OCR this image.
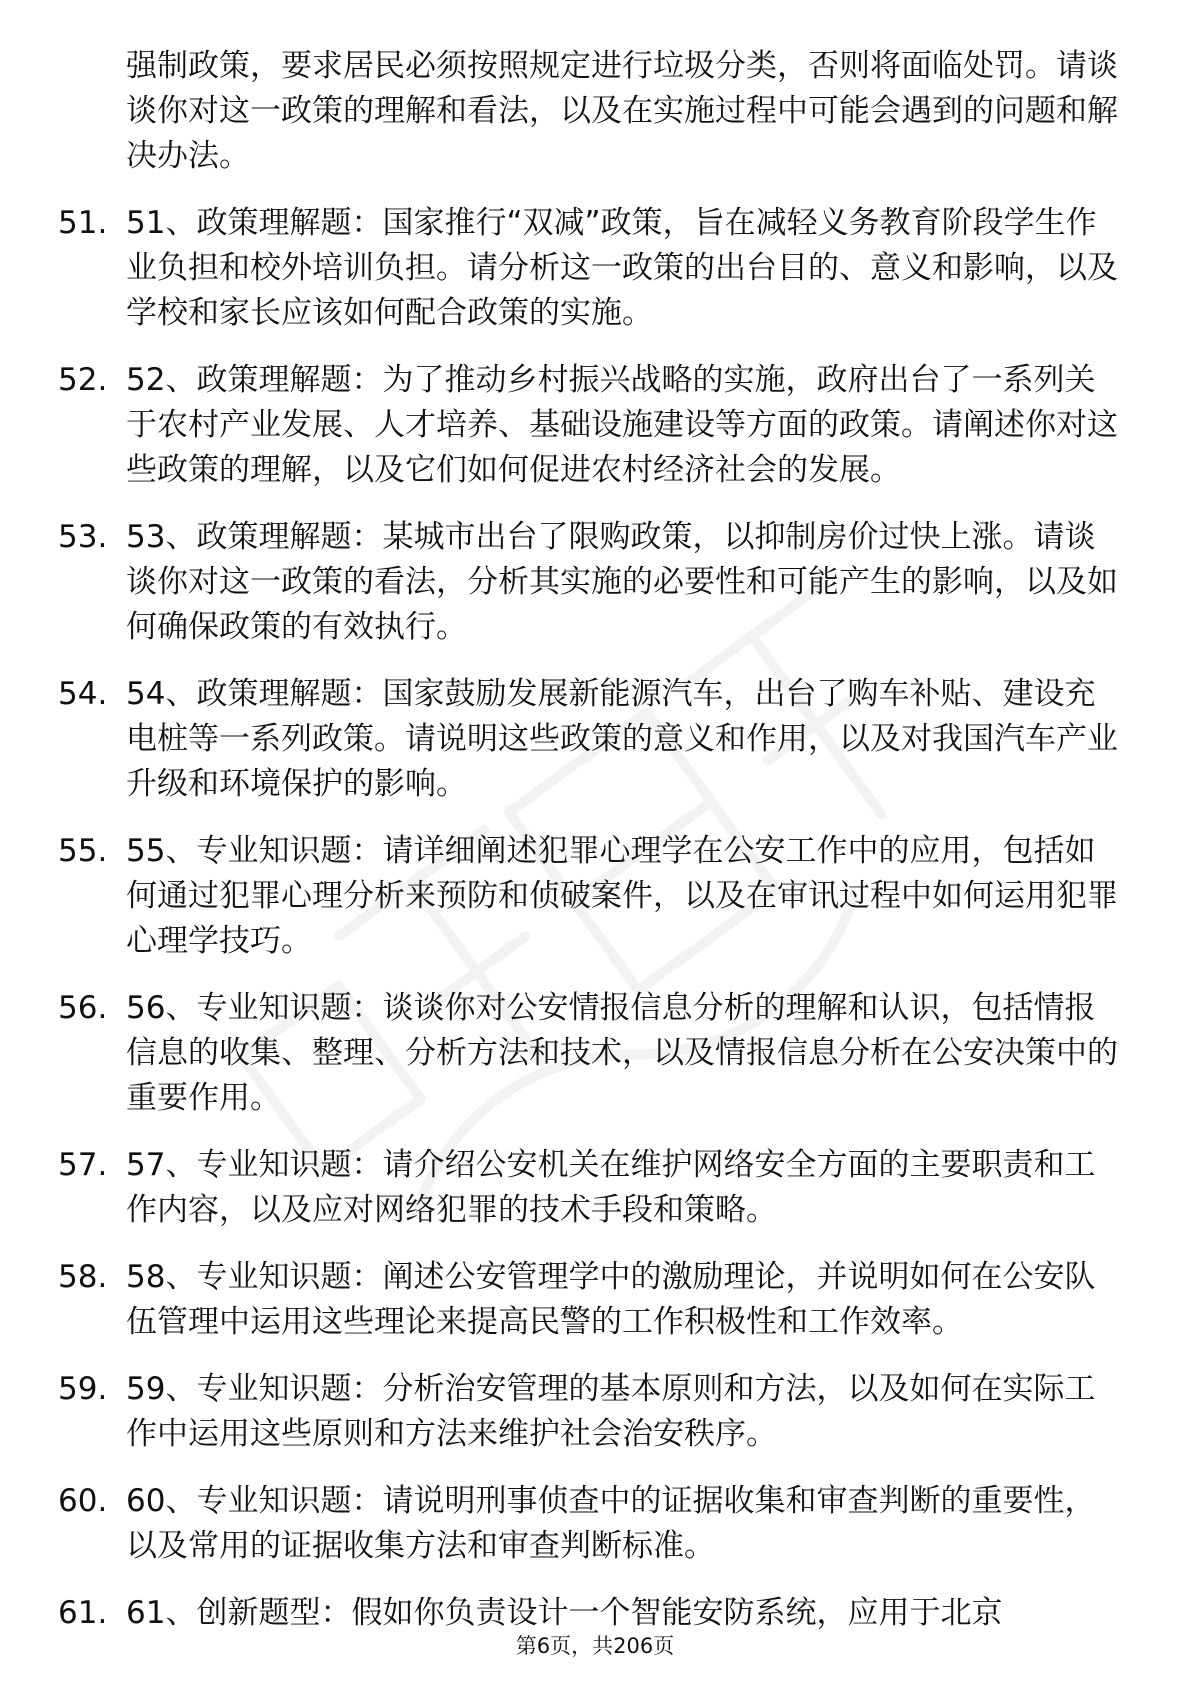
强制政策，要求居民必须按照规定进行垃圾分类，否则将面临处罚。请谈谈你对这一政策的理解和看法，以及在实施过程中可能会遇到的问题和解决办法。
51. 51、政策理解题：国家推行“双减”政策，旨在减轻义务教育阶段学生作业负担和校外培训负担。请分析这一政策的出台目的、意义和影响，以及学校和家长应该如何配合政策的实施。
52. 52、政策理解题：为了推动乡村振兴战略的实施，政府出台了一系列关于农村产业发展、人才培养、基础设施建设等方面的政策。请阐述你对这些政策的理解，以及它们如何促进农村经济社会的发展。
53. 53、政策理解题：某城市出台了限购政策，以抑制房价过快上涨。请谈谈你对这一政策的看法，分析其实施的必要性和可能产生的影响，以及如何确保政策的有效执行。
54. 54、政策理解题：国家鼓励发展新能源汽车，出台了购车补贴、建设充电桩等一系列政策。请说明这些政策的意义和作用，以及对我国汽车产业升级和环境保护的影响。
55. 55、专业知识题：请详细阐述犯罪心理学在公安工作中的应用，包括如何通过犯罪心理分析来预防和侦破案件，以及在审讯过程中如何运用犯罪心理学技巧。
56. 56、专业知识题：谈谈你对公安情报信息分析的理解和认识，包括情报信息的收集、整理、分析方法和技术，以及情报信息分析在公安决策中的重要作用。
57. 57、专业知识题：请介绍公安机关在维护网络安全方面的主要职责和工作内容，以及应对网络犯罪的技术手段和策略。
58. 58、专业知识题：阐述公安管理学中的激励理论，并说明如何在公安队伍管理中运用这些理论来提高民警的工作积极性和工作效率。
59. 59、专业知识题：分析治安管理的基本原则和方法，以及如何在实际工作中运用这些原则和方法来维护社会治安秩序。
60. 60、专业知识题：请说明刑事侦查中的证据收集和审查判断的重要性，以及常用的证据收集方法和审查判断标准。
61. 61、创新题型：假如你负责设计一个智能安防系统，应用于北京
第6页，共206页
